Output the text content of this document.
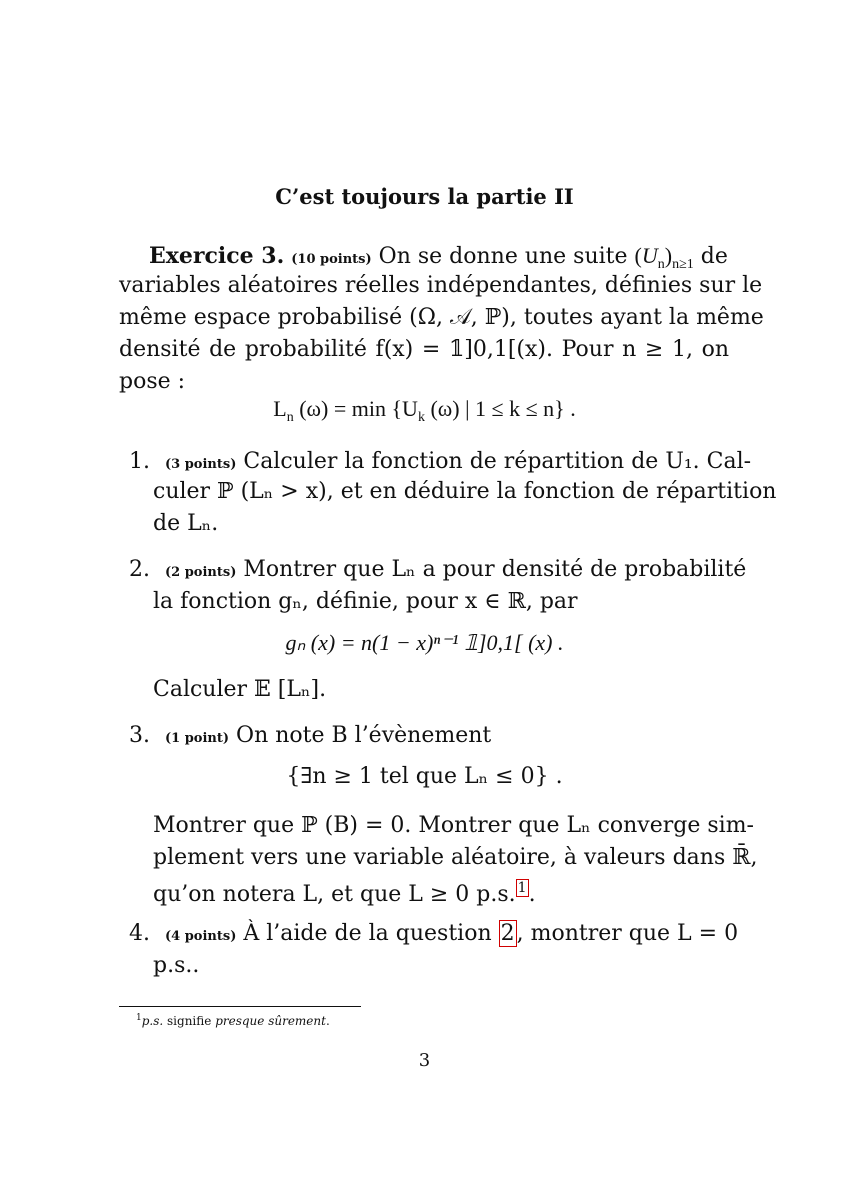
C’est toujours la partie II
Exercice 3. (10 points) On se donne une suite $(U_n)_{n\ge 1}$ de
variables aléatoires réelles indépendantes, définies sur le
même espace probabilisé (Ω, 𝒜, ℙ), toutes ayant la même
densité de probabilité f(x) = 𝟙]0,1[(x). Pour n ≥ 1, on
pose :
$L_n$ $(\omega) = \min \{U_k$ (ω) | 1 ≤ k ≤ n} .
1. (3 points) Calculer la fonction de répartition de U₁. Cal-
culer ℙ (Lₙ > x), et en déduire la fonction de répartition
de Lₙ.
2. (2 points) Montrer que Lₙ a pour densité de probabilité
la fonction gₙ, définie, pour x ∈ ℝ, par
gₙ (x) = n(1 − x)ⁿ⁻¹ 𝟙]0,1[ (x) .
Calculer 𝔼 [Lₙ].
3. (1 point) On note B l’évènement
{∃n ≥ 1 tel que Lₙ ≤ 0} .
Montrer que ℙ (B) = 0. Montrer que Lₙ converge sim-
plement vers une variable aléatoire, à valeurs dans ℝ̄,
qu’on notera L, et que L ≥ 0 p.s. $^1$.
4. (4 points) À l’aide de la question 2, montrer que L = 0
p.s..
$^1$p.s. signifie presque sûrement.
3
